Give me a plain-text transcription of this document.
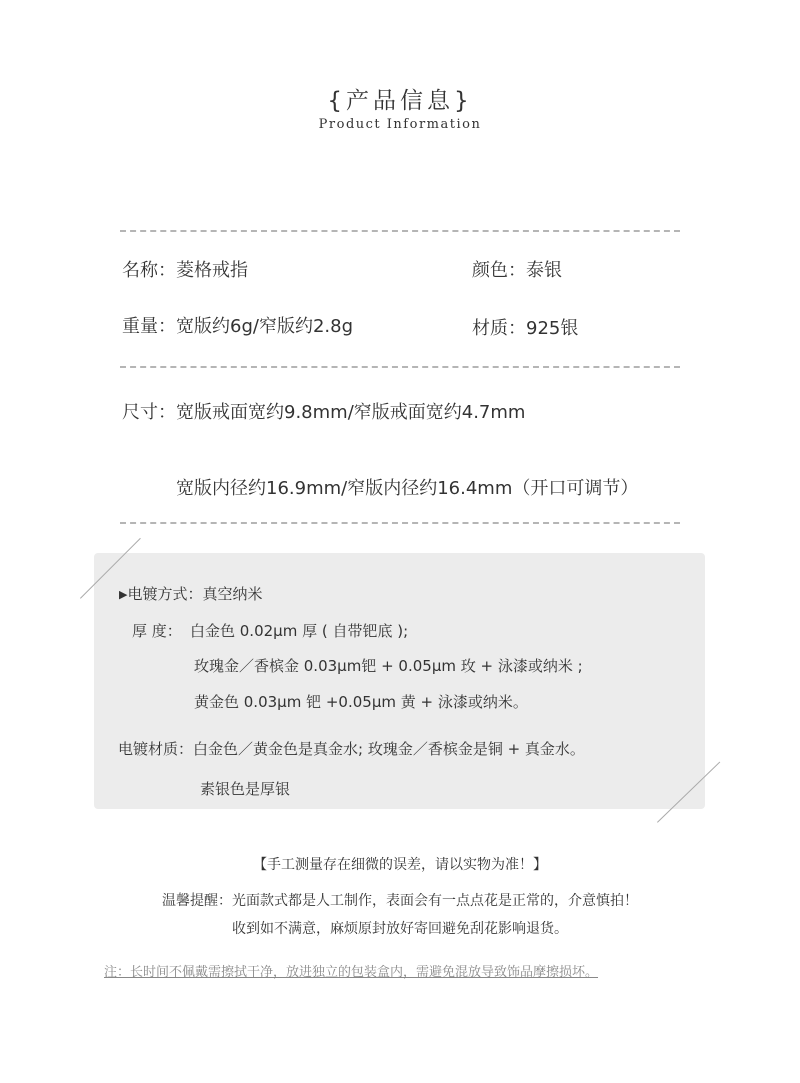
{产品信息}
Product Information
名称：菱格戒指	颜色：泰银
重量：宽版约6g/窄版约2.8g	材质：925银
尺寸：宽版戒面宽约9.8mm/窄版戒面宽约4.7mm
宽版内径约16.9mm/窄版内径约16.4mm（开口可调节）
▶电镀方式：真空纳米
厚 度： 白金色 0.02μm 厚 ( 自带钯底 );
玫瑰金／香槟金 0.03μm钯 + 0.05μm 玫 + 泳漆或纳米 ;
黄金色 0.03μm 钯 +0.05μm 黄 + 泳漆或纳米。
电镀材质：白金色／黄金色是真金水; 玫瑰金／香槟金是铜 + 真金水。
素银色是厚银
【手工测量存在细微的误差，请以实物为准！】
温馨提醒：光面款式都是人工制作，表面会有一点点花是正常的，介意慎拍！
收到如不满意，麻烦原封放好寄回避免刮花影响退货。
注：长时间不佩戴需擦拭干净，放进独立的包装盒内，需避免混放导致饰品摩擦损坏。
